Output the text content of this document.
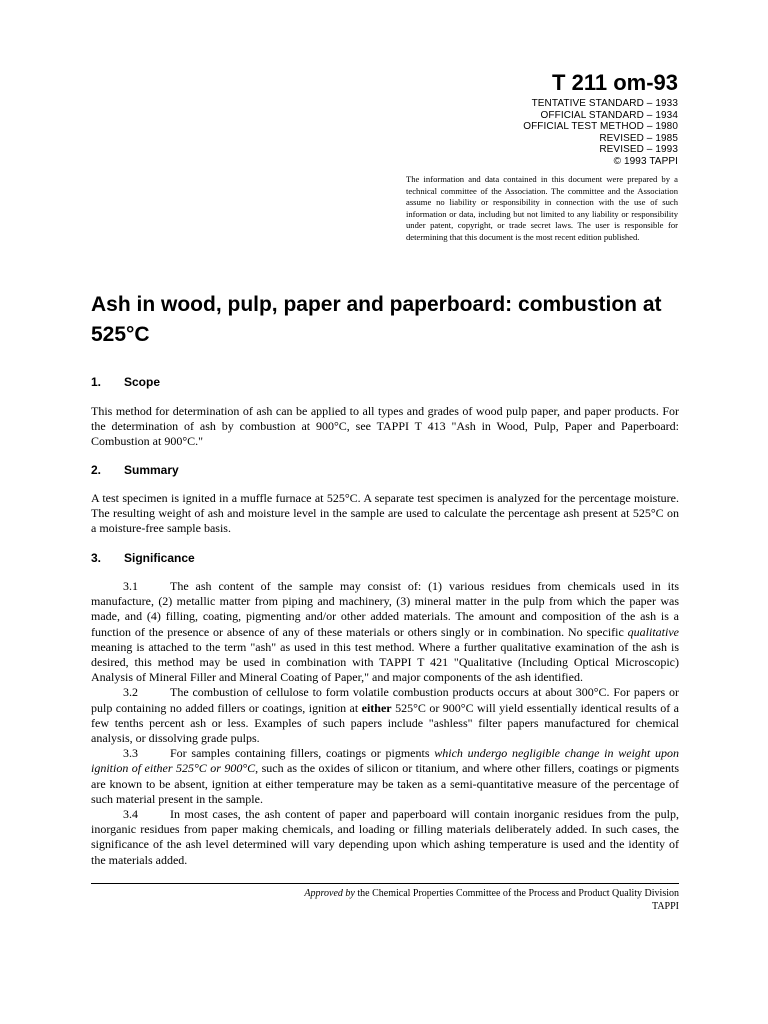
T 211 om-93
TENTATIVE STANDARD – 1933
OFFICIAL STANDARD – 1934
OFFICIAL TEST METHOD – 1980
REVISED – 1985
REVISED – 1993
© 1993 TAPPI
The information and data contained in this document were prepared by a technical committee of the Association. The committee and the Association assume no liability or responsibility in connection with the use of such information or data, including but not limited to any liability or responsibility under patent, copyright, or trade secret laws. The user is responsible for determining that this document is the most recent edition published.
Ash in wood, pulp, paper and paperboard: combustion at 525°C
1. Scope
This method for determination of ash can be applied to all types and grades of wood pulp paper, and paper products. For the determination of ash by combustion at 900°C, see TAPPI T 413 "Ash in Wood, Pulp, Paper and Paperboard: Combustion at 900°C."
2. Summary
A test specimen is ignited in a muffle furnace at 525°C. A separate test specimen is analyzed for the percentage moisture. The resulting weight of ash and moisture level in the sample are used to calculate the percentage ash present at 525°C on a moisture-free sample basis.
3. Significance

3.1	The ash content of the sample may consist of: (1) various residues from chemicals used in its manufacture, (2) metallic matter from piping and machinery, (3) mineral matter in the pulp from which the paper was made, and (4) filling, coating, pigmenting and/or other added materials. The amount and composition of the ash is a function of the presence or absence of any of these materials or others singly or in combination. No specific qualitative meaning is attached to the term "ash" as used in this test method. Where a further qualitative examination of the ash is desired, this method may be used in combination with TAPPI T 421 "Qualitative (Including Optical Microscopic) Analysis of Mineral Filler and Mineral Coating of Paper," and major components of the ash identified.

3.2	The combustion of cellulose to form volatile combustion products occurs at about 300°C. For papers or pulp containing no added fillers or coatings, ignition at either 525°C or 900°C will yield essentially identical results of a few tenths percent ash or less. Examples of such papers include "ashless" filter papers manufactured for chemical analysis, or dissolving grade pulps.

3.3	For samples containing fillers, coatings or pigments which undergo negligible change in weight upon ignition of either 525°C or 900°C, such as the oxides of silicon or titanium, and where other fillers, coatings or pigments are known to be absent, ignition at either temperature may be taken as a semi-quantitative measure of the percentage of such material present in the sample.

3.4	In most cases, the ash content of paper and paperboard will contain inorganic residues from the pulp, inorganic residues from paper making chemicals, and loading or filling materials deliberately added. In such cases, the significance of the ash level determined will vary depending upon which ashing temperature is used and the identity of the materials added.

Approved by the Chemical Properties Committee of the Process and Product Quality Division
TAPPI
